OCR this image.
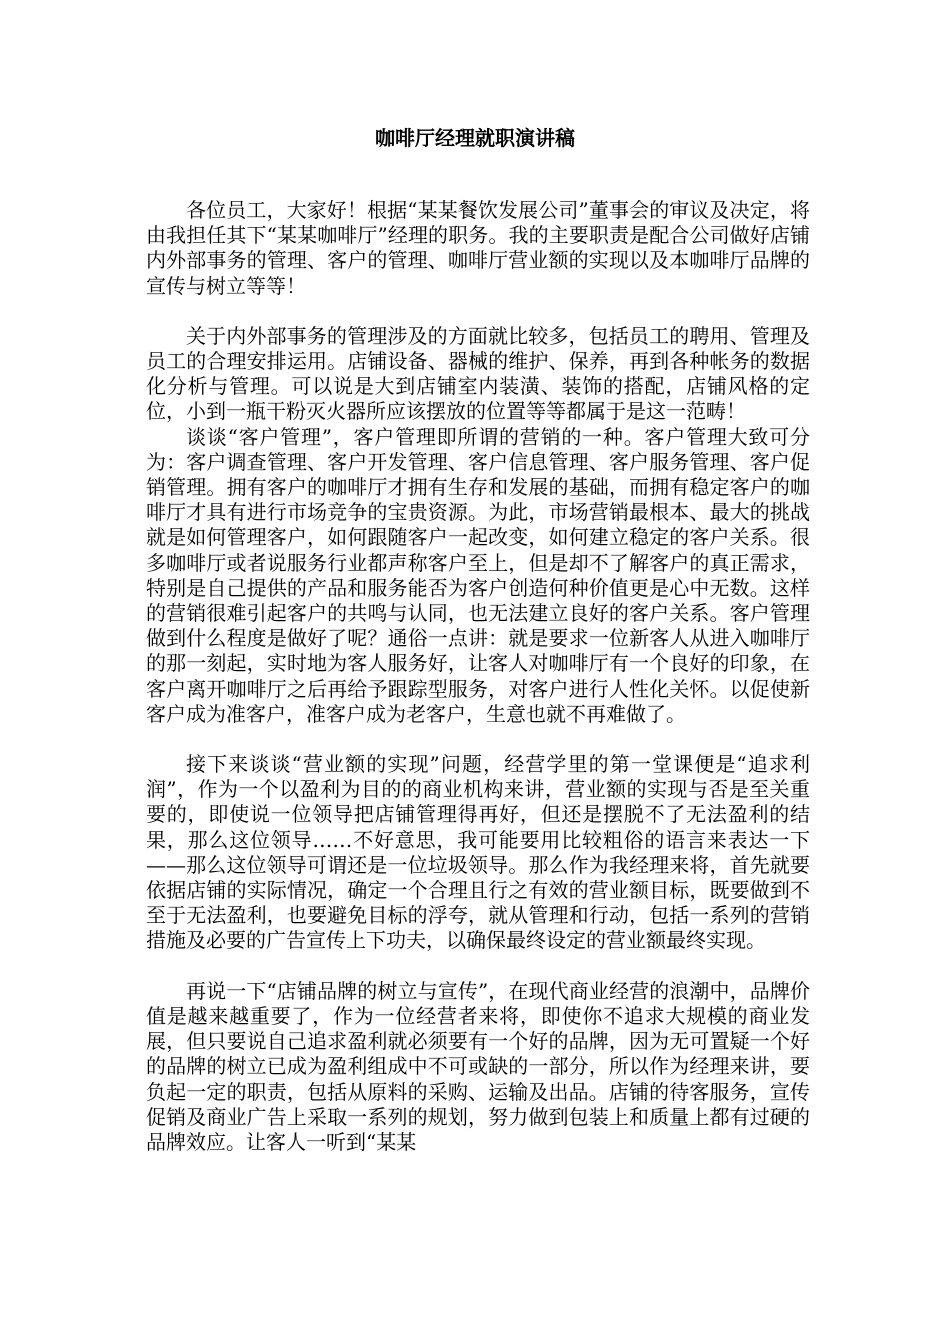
咖啡厅经理就职演讲稿

各位员工，大家好！根据“某某餐饮发展公司”董事会的审议及决定，将由我担任其下“某某咖啡厅”经理的职务。我的主要职责是配合公司做好店铺内外部事务的管理、客户的管理、咖啡厅营业额的实现以及本咖啡厅品牌的宣传与树立等等！

关于内外部事务的管理涉及的方面就比较多，包括员工的聘用、管理及员工的合理安排运用。店铺设备、器械的维护、保养，再到各种帐务的数据化分析与管理。可以说是大到店铺室内装潢、装饰的搭配，店铺风格的定位，小到一瓶干粉灭火器所应该摆放的位置等等都属于是这一范畴！

谈谈“客户管理”，客户管理即所谓的营销的一种。客户管理大致可分为：客户调查管理、客户开发管理、客户信息管理、客户服务管理、客户促销管理。拥有客户的咖啡厅才拥有生存和发展的基础，而拥有稳定客户的咖啡厅才具有进行市场竞争的宝贵资源。为此，市场营销最根本、最大的挑战就是如何管理客户，如何跟随客户一起改变，如何建立稳定的客户关系。很多咖啡厅或者说服务行业都声称客户至上，但是却不了解客户的真正需求，特别是自己提供的产品和服务能否为客户创造何种价值更是心中无数。这样的营销很难引起客户的共鸣与认同，也无法建立良好的客户关系。客户管理做到什么程度是做好了呢？通俗一点讲：就是要求一位新客人从进入咖啡厅的那一刻起，实时地为客人服务好，让客人对咖啡厅有一个良好的印象，在客户离开咖啡厅之后再给予跟踪型服务，对客户进行人性化关怀。以促使新客户成为准客户，准客户成为老客户，生意也就不再难做了。

接下来谈谈“营业额的实现”问题，经营学里的第一堂课便是“追求利润”，作为一个以盈利为目的的商业机构来讲，营业额的实现与否是至关重要的，即使说一位领导把店铺管理得再好，但还是摆脱不了无法盈利的结果，那么这位领导……不好意思，我可能要用比较粗俗的语言来表达一下——那么这位领导可谓还是一位垃圾领导。那么作为我经理来将，首先就要依据店铺的实际情况，确定一个合理且行之有效的营业额目标，既要做到不至于无法盈利，也要避免目标的浮夸，就从管理和行动，包括一系列的营销措施及必要的广告宣传上下功夫，以确保最终设定的营业额最终实现。

再说一下“店铺品牌的树立与宣传”，在现代商业经营的浪潮中，品牌价值是越来越重要了，作为一位经营者来将，即使你不追求大规模的商业发展，但只要说自己追求盈利就必须要有一个好的品牌，因为无可置疑一个好的品牌的树立已成为盈利组成中不可或缺的一部分，所以作为经理来讲，要负起一定的职责，包括从原料的采购、运输及出品。店铺的待客服务，宣传促销及商业广告上采取一系列的规划，努力做到包装上和质量上都有过硬的品牌效应。让客人一听到“某某
